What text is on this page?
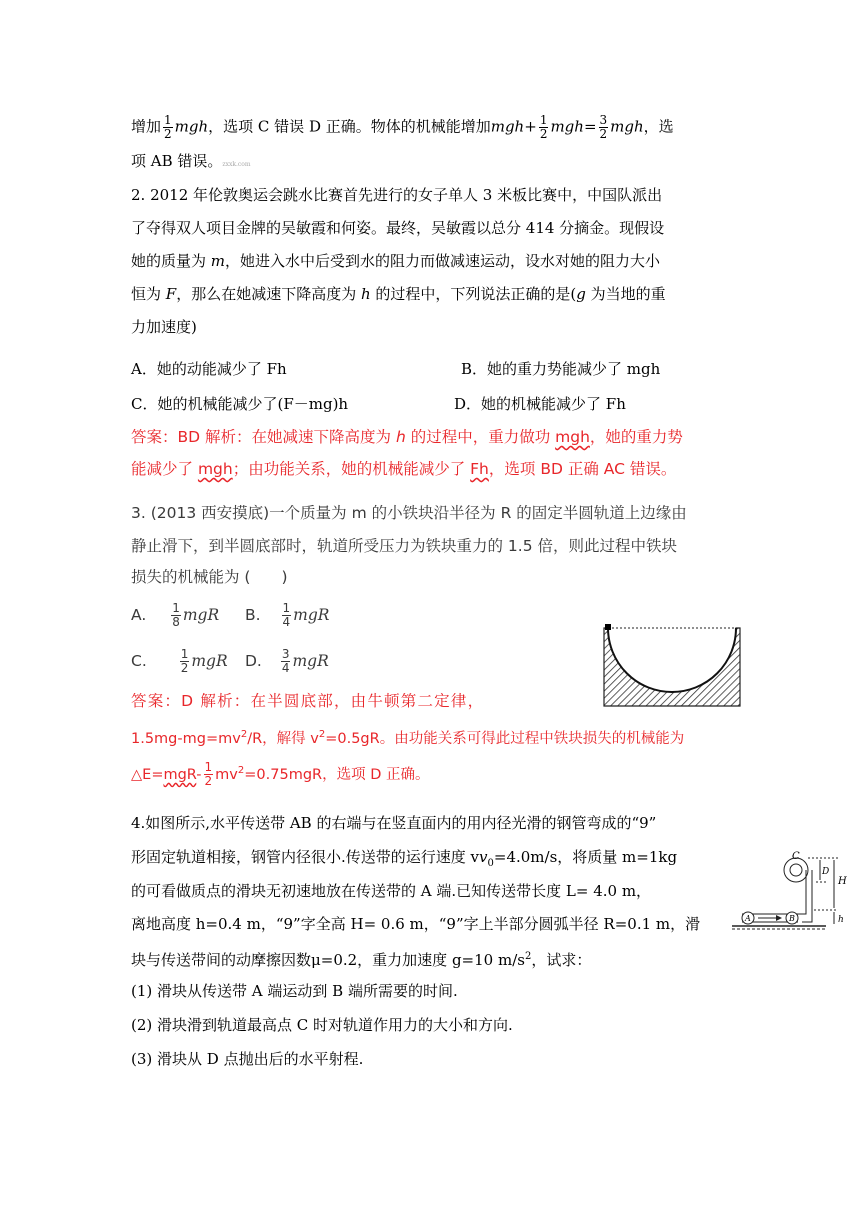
增加 $\frac{1}{2}$ mgh，选项 C 错误 D 正确。物体的机械能增加$mgh+ \frac{1}{2} mgh= \frac{3}{2}$ mgh，选
项 AB 错误。zxxk.com
2. 2012 年伦敦奥运会跳水比赛首先进行的女子单人 3 米板比赛中，中国队派出
了夺得双人项目金牌的吴敏霞和何姿。最终，吴敏霞以总分 414 分摘金。现假设
她的质量为 m，她进入水中后受到水的阻力而做减速运动，设水对她的阻力大小
恒为 F，那么在她减速下降高度为 h 的过程中，下列说法正确的是(g 为当地的重
力加速度)
A．她的动能减少了 Fh	B．她的重力势能减少了 mgh
C．她的机械能减少了(F－mg)h	D．她的机械能减少了 Fh
答案：BD 解析：在她减速下降高度为 h 的过程中，重力做功 mgh，她的重力势
能减少了 mgh；由功能关系，她的机械能减少了 Fh，选项 BD 正确 AC 错误。
3. (2013 西安摸底)一个质量为 m 的小铁块沿半径为 R 的固定半圆轨道上边缘由
静止滑下，到半圆底部时，轨道所受压力为铁块重力的 1.5 倍，则此过程中铁块
损失的机械能为 (　　)
A. $\frac{1}{8}$ mgR B. $\frac{1}{4}$ mgR
C.	$\frac{1}{2}$ mgR D. $\frac{3}{4}$ mgR
答案：D 解析：在半圆底部，由牛顿第二定律，
$1.5mg-mg=mv^2/R$，解得 $v^2=0.5gR$。由功能关系可得此过程中铁块损失的机械能为
△E=mgR- $\frac{1}{2} mv^2=0.75mgR$，选项 D 正确。
4.如图所示,水平传送带 AB 的右端与在竖直面内的用内径光滑的钢管弯成的“9”
形固定轨道相接，钢管内径很小.传送带的运行速度 $vv_0=4.0m/s$，将质量 m=1kg
的可看做质点的滑块无初速地放在传送带的 A 端.已知传送带长度 L= 4.0 m，
离地高度 h=0.4 m，“9”字全高 H= 0.6 m，“9”字上半部分圆弧半径 R=0.1 m，滑
块与传送带间的动摩擦因数μ=0.2，重力加速度 g=10 $m/s^2$，试求：
(1) 滑块从传送带 A 端运动到 B 端所需要的时间.
(2) 滑块滑到轨道最高点 C 时对轨道作用力的大小和方向.
(3) 滑块从 D 点抛出后的水平射程.
C
D
H
h
A	B
